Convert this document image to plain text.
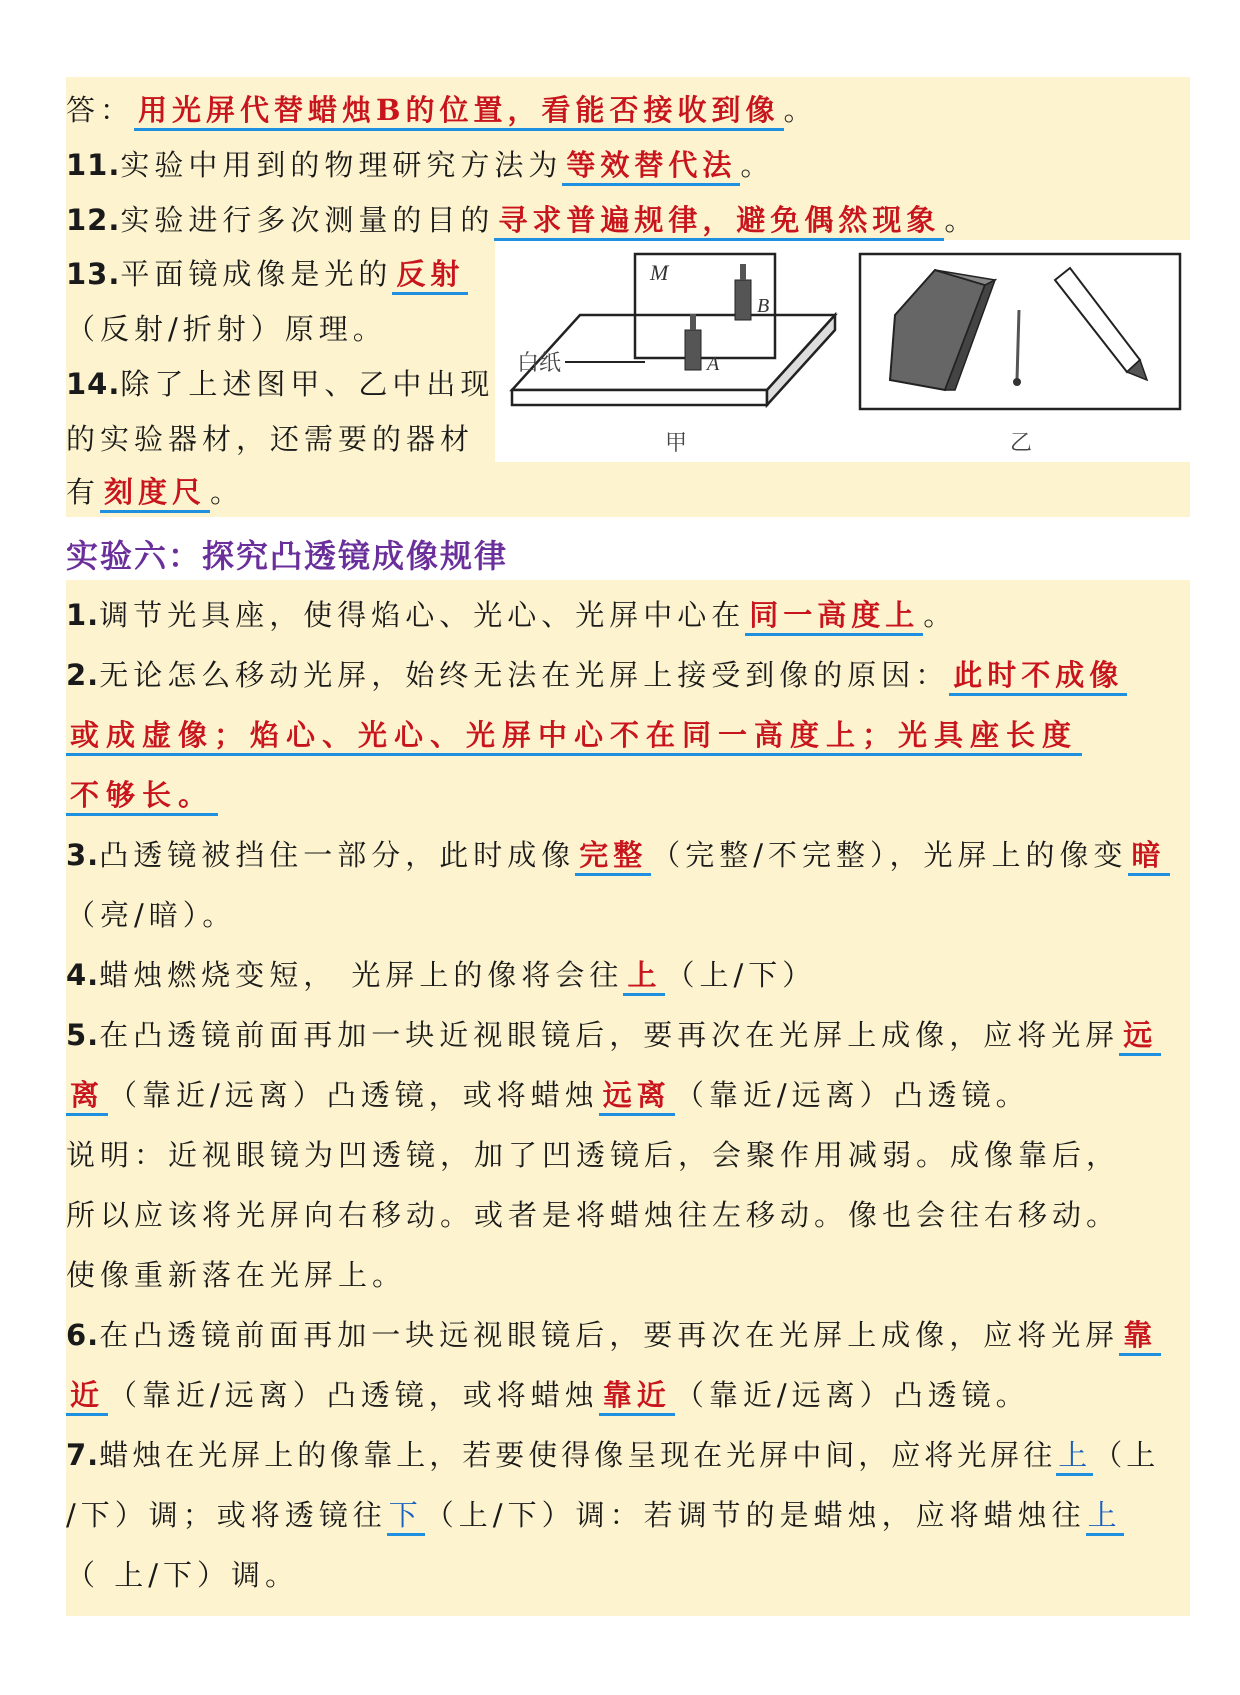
M
B
A
白纸
甲	乙
答： 用光屏代替蜡烛B的位置，看能否接收到像 。
11.实验中用到的物理研究方法为 等效替代法 。
12.实验进行多次测量的目的 寻求普遍规律，避免偶然现象 。
13.平面镜成像是光的 反射
（反射/折射）原理。
14.除了上述图甲、乙中出现
的实验器材，还需要的器材
有 刻度尺 。
实验六：探究凸透镜成像规律
1.调节光具座，使得焰心、光心、光屏中心在 同一高度上 。
2.无论怎么移动光屏，始终无法在光屏上接受到像的原因： 此时不成像
或成虚像；焰心、光心、光屏中心不在同一高度上；光具座长度
不够长。
3.凸透镜被挡住一部分，此时成像 完整 （完整/不完整），光屏上的像变 暗
（亮/暗）。
4.蜡烛燃烧变短， 光屏上的像将会往 上 （上/下）
5.在凸透镜前面再加一块近视眼镜后，要再次在光屏上成像，应将光屏 远
离 （靠近/远离）凸透镜，或将蜡烛 远离 （靠近/远离）凸透镜。
说明：近视眼镜为凹透镜，加了凹透镜后，会聚作用减弱。成像靠后，
所以应该将光屏向右移动。或者是将蜡烛往左移动。像也会往右移动。
使像重新落在光屏上。
6.在凸透镜前面再加一块远视眼镜后，要再次在光屏上成像，应将光屏 靠
近 （靠近/远离）凸透镜，或将蜡烛 靠近 （靠近/远离）凸透镜。
7.蜡烛在光屏上的像靠上，若要使得像呈现在光屏中间，应将光屏往上（上
/下）调；或将透镜往下（上/下）调：若调节的是蜡烛，应将蜡烛往上
（ 上/下）调。
